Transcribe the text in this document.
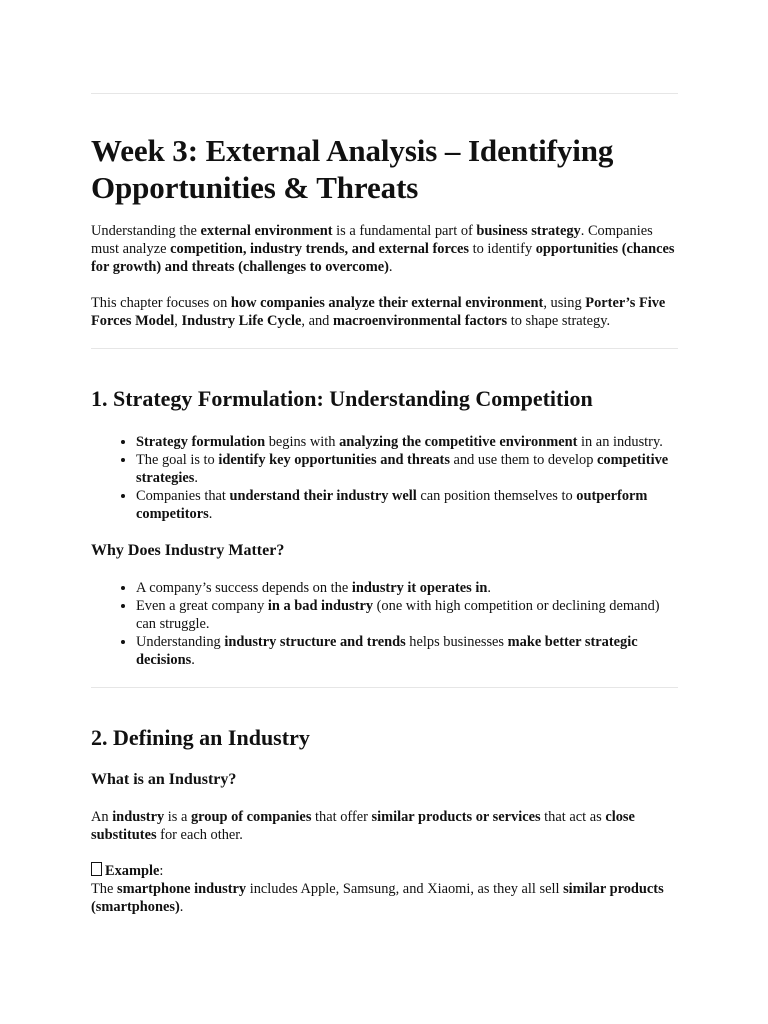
Week 3: External Analysis – Identifying Opportunities & Threats

Understanding the external environment is a fundamental part of business strategy. Companies must analyze competition, industry trends, and external forces to identify opportunities (chances for growth) and threats (challenges to overcome).

This chapter focuses on how companies analyze their external environment, using Porter’s Five Forces Model, Industry Life Cycle, and macroenvironmental factors to shape strategy.

1. Strategy Formulation: Understanding Competition
• Strategy formulation begins with analyzing the competitive environment in an industry.
• The goal is to identify key opportunities and threats and use them to develop competitive strategies.
• Companies that understand their industry well can position themselves to outperform competitors.
Why Does Industry Matter?
• A company’s success depends on the industry it operates in.
• Even a great company in a bad industry (one with high competition or declining demand) can struggle.
• Understanding industry structure and trends helps businesses make better strategic decisions.
2. Defining an Industry
What is an Industry?

An industry is a group of companies that offer similar products or services that act as close substitutes for each other.

Example:

The smartphone industry includes Apple, Samsung, and Xiaomi, as they all sell similar products (smartphones).
